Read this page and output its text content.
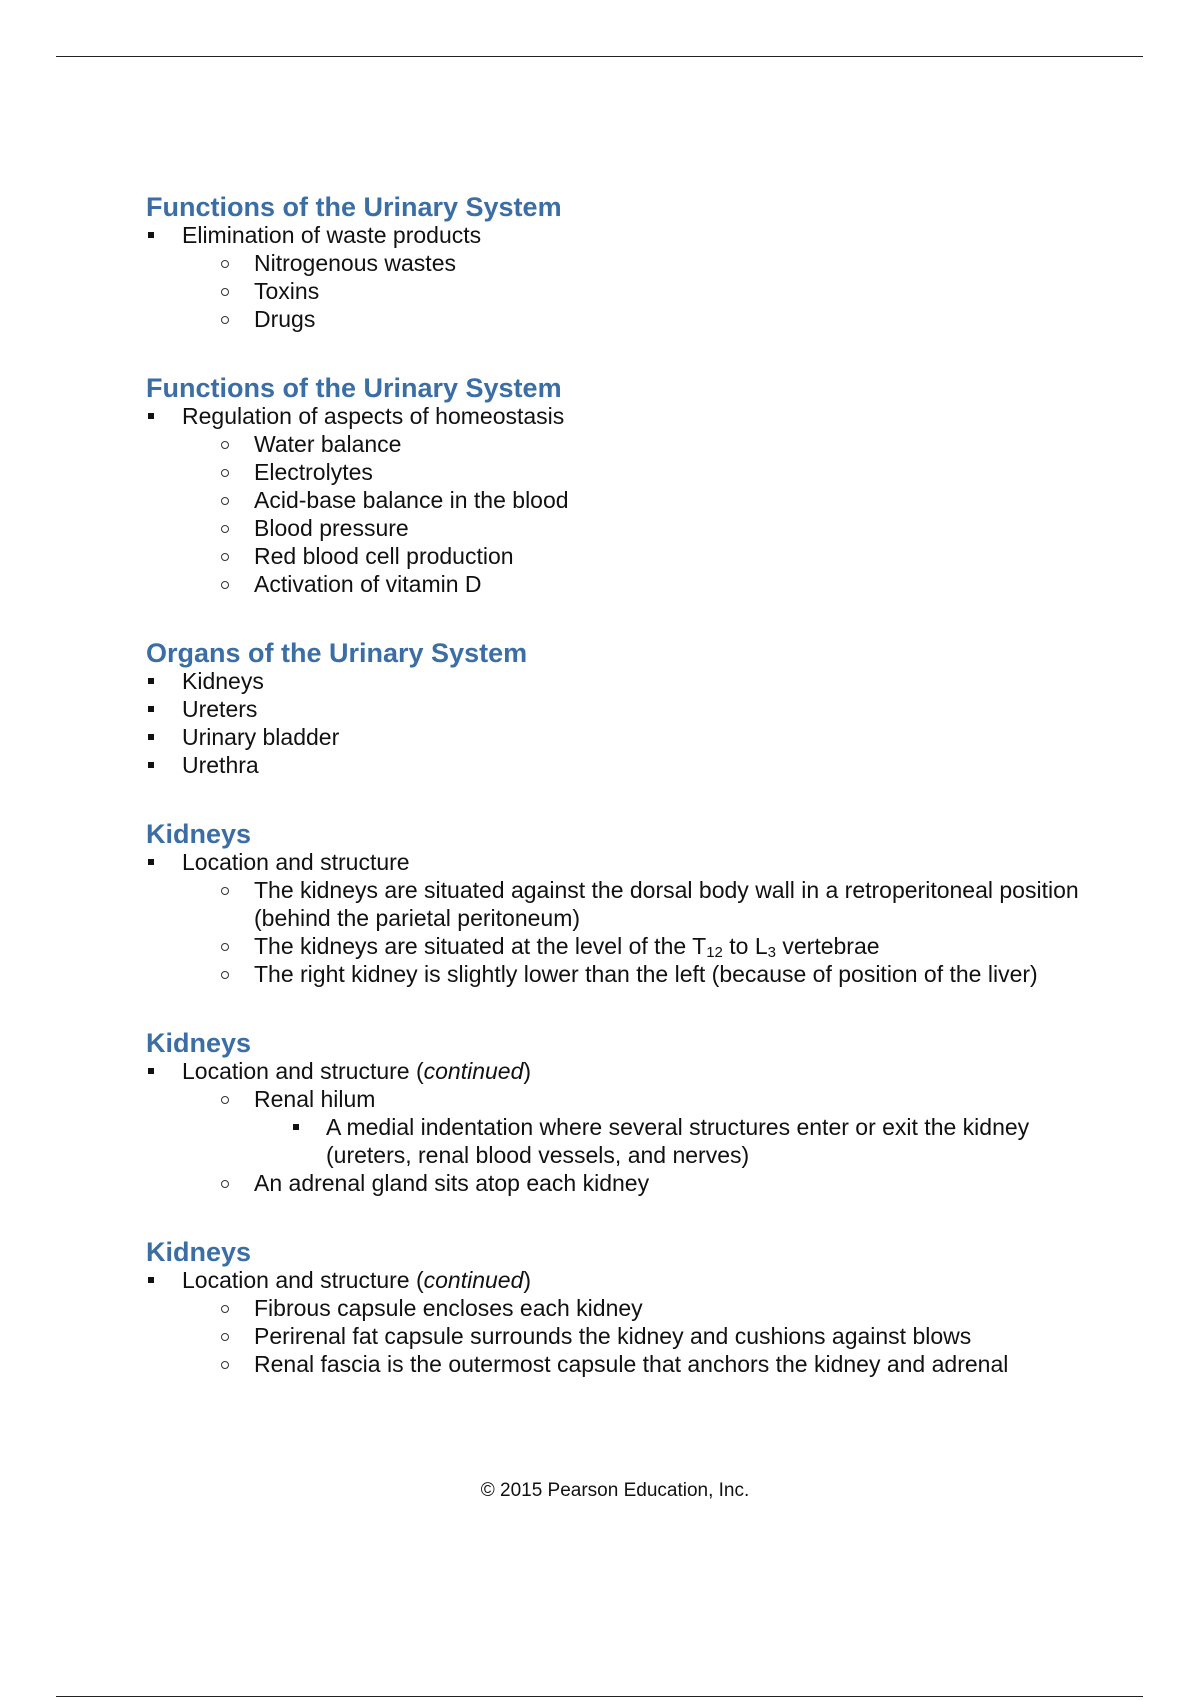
Functions of the Urinary System
Elimination of waste products
Nitrogenous wastes
Toxins
Drugs
Functions of the Urinary System
Regulation of aspects of homeostasis
Water balance
Electrolytes
Acid-base balance in the blood
Blood pressure
Red blood cell production
Activation of vitamin D
Organs of the Urinary System
Kidneys
Ureters
Urinary bladder
Urethra
Kidneys
Location and structure
The kidneys are situated against the dorsal body wall in a retroperitoneal position (behind the parietal peritoneum)
The kidneys are situated at the level of the $T_{12}$ to $L_3$ vertebrae
The right kidney is slightly lower than the left (because of position of the liver)
Kidneys
Location and structure (continued)
Renal hilum
A medial indentation where several structures enter or exit the kidney (ureters, renal blood vessels, and nerves)
An adrenal gland sits atop each kidney
Kidneys
Location and structure (continued)
Fibrous capsule encloses each kidney
Perirenal fat capsule surrounds the kidney and cushions against blows
Renal fascia is the outermost capsule that anchors the kidney and adrenal
© 2015 Pearson Education, Inc.
